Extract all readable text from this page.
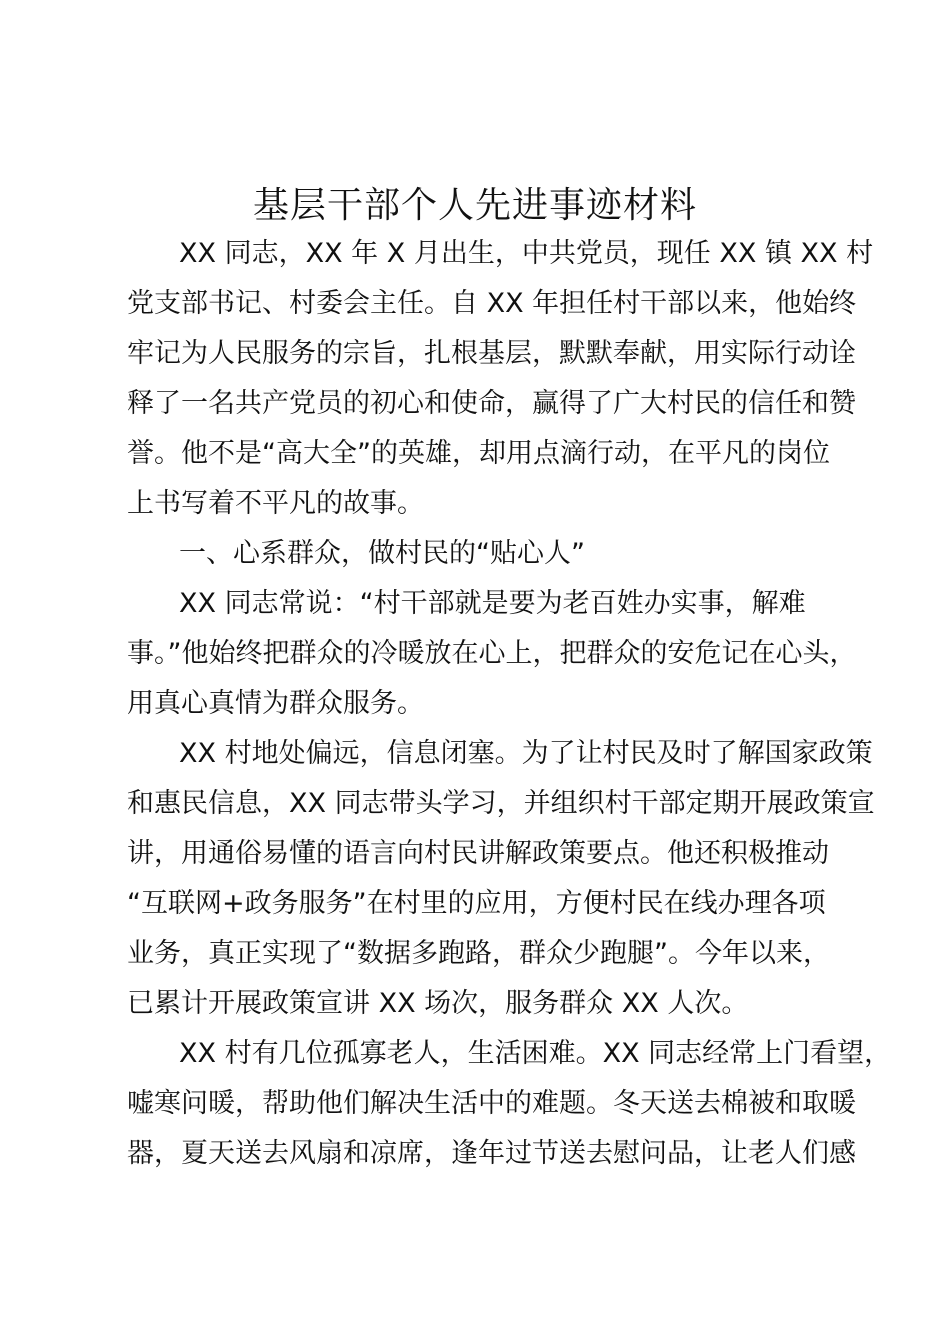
基层干部个人先进事迹材料
XX 同志，XX 年 X 月出生，中共党员，现任 XX 镇 XX 村
党支部书记、村委会主任。自 XX 年担任村干部以来，他始终
牢记为人民服务的宗旨，扎根基层，默默奉献，用实际行动诠
释了一名共产党员的初心和使命，赢得了广大村民的信任和赞
誉。他不是“高大全”的英雄，却用点滴行动，在平凡的岗位
上书写着不平凡的故事。
一、心系群众，做村民的“贴心人”
XX 同志常说：“村干部就是要为老百姓办实事，解难
事。”他始终把群众的冷暖放在心上，把群众的安危记在心头，
用真心真情为群众服务。
XX 村地处偏远，信息闭塞。为了让村民及时了解国家政策
和惠民信息，XX 同志带头学习，并组织村干部定期开展政策宣
讲，用通俗易懂的语言向村民讲解政策要点。他还积极推动
“互联网+政务服务”在村里的应用，方便村民在线办理各项
业务，真正实现了“数据多跑路，群众少跑腿”。今年以来，
已累计开展政策宣讲 XX 场次，服务群众 XX 人次。
XX 村有几位孤寡老人，生活困难。XX 同志经常上门看望，
嘘寒问暖，帮助他们解决生活中的难题。冬天送去棉被和取暖
器，夏天送去风扇和凉席，逢年过节送去慰问品，让老人们感
